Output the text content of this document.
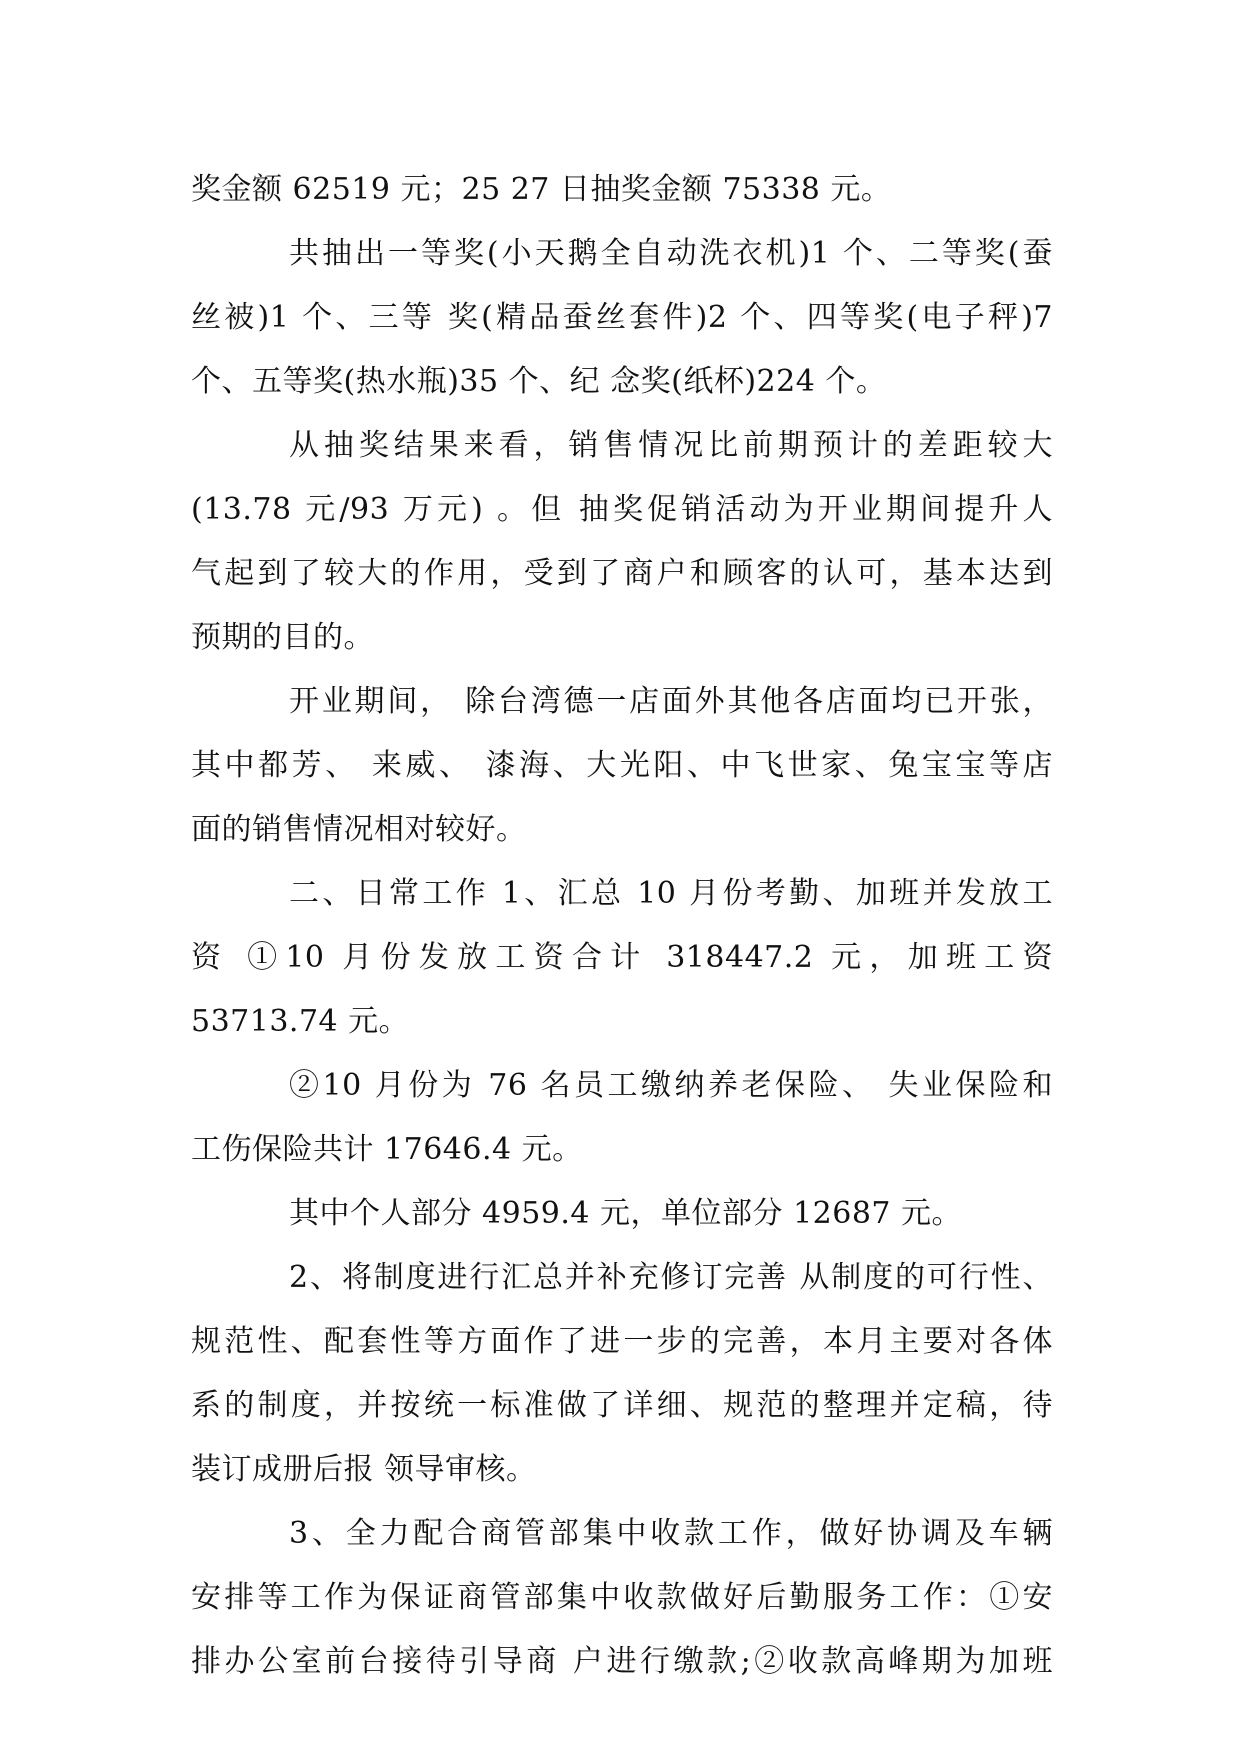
奖金额 62519 元；25 27 日抽奖金额 75338 元。
共抽出一等奖(小天鹅全自动洗衣机)1 个、二等奖(蚕
丝被)1 个、三等 奖(精品蚕丝套件)2 个、四等奖(电子秤)7
个、五等奖(热水瓶)35 个、纪 念奖(纸杯)224 个。
从抽奖结果来看，销售情况比前期预计的差距较大
(13.78 元/93 万元) 。但 抽奖促销活动为开业期间提升人
气起到了较大的作用，受到了商户和顾客的认可，基本达到
预期的目的。
开业期间， 除台湾德一店面外其他各店面均已开张，
其中都芳、 来威、 漆海、大光阳、中飞世家、兔宝宝等店
面的销售情况相对较好。
二、日常工作 1、汇总 10 月份考勤、加班并发放工
资 ①10 月份发放工资合计 318447.2 元，加班工资
53713.74 元。
②10 月份为 76 名员工缴纳养老保险、 失业保险和
工伤保险共计 17646.4 元。
其中个人部分 4959.4 元，单位部分 12687 元。
2、将制度进行汇总并补充修订完善 从制度的可行性、
规范性、配套性等方面作了进一步的完善，本月主要对各体
系的制度，并按统一标准做了详细、规范的整理并定稿，待
装订成册后报 领导审核。
3、全力配合商管部集中收款工作，做好协调及车辆
安排等工作为保证商管部集中收款做好后勤服务工作：①安
排办公室前台接待引导商 户进行缴款;②收款高峰期为加班
